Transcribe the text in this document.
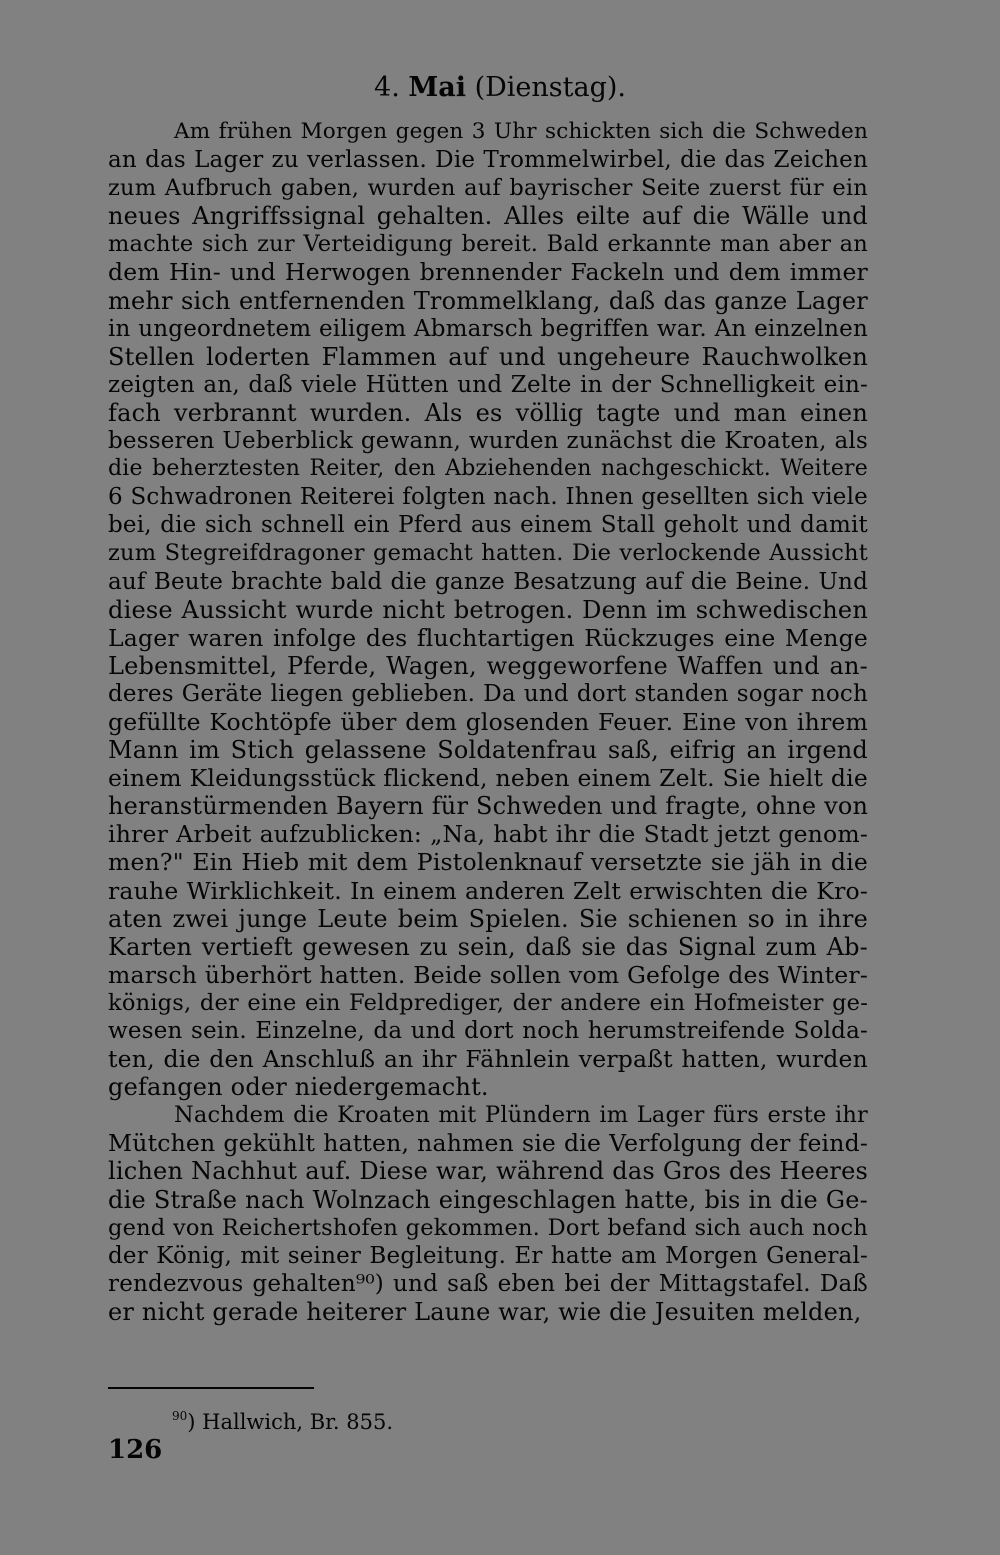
4. Mai (Dienstag).
Am frühen Morgen gegen 3 Uhr schickten sich die Schweden
an das Lager zu verlassen. Die Trommelwirbel, die das Zeichen
zum Aufbruch gaben, wurden auf bayrischer Seite zuerst für ein
neues Angriffssignal gehalten. Alles eilte auf die Wälle und
machte sich zur Verteidigung bereit. Bald erkannte man aber an
dem Hin- und Herwogen brennender Fackeln und dem immer
mehr sich entfernenden Trommelklang, daß das ganze Lager
in ungeordnetem eiligem Abmarsch begriffen war. An einzelnen
Stellen loderten Flammen auf und ungeheure Rauchwolken
zeigten an, daß viele Hütten und Zelte in der Schnelligkeit ein-
fach verbrannt wurden. Als es völlig tagte und man einen
besseren Ueberblick gewann, wurden zunächst die Kroaten, als
die beherztesten Reiter, den Abziehenden nachgeschickt. Weitere
6 Schwadronen Reiterei folgten nach. Ihnen gesellten sich viele
bei, die sich schnell ein Pferd aus einem Stall geholt und damit
zum Stegreifdragoner gemacht hatten. Die verlockende Aussicht
auf Beute brachte bald die ganze Besatzung auf die Beine. Und
diese Aussicht wurde nicht betrogen. Denn im schwedischen
Lager waren infolge des fluchtartigen Rückzuges eine Menge
Lebensmittel, Pferde, Wagen, weggeworfene Waffen und an-
deres Geräte liegen geblieben. Da und dort standen sogar noch
gefüllte Kochtöpfe über dem glosenden Feuer. Eine von ihrem
Mann im Stich gelassene Soldatenfrau saß, eifrig an irgend
einem Kleidungsstück flickend, neben einem Zelt. Sie hielt die
heranstürmenden Bayern für Schweden und fragte, ohne von
ihrer Arbeit aufzublicken: „Na, habt ihr die Stadt jetzt genom-
men?" Ein Hieb mit dem Pistolenknauf versetzte sie jäh in die
rauhe Wirklichkeit. In einem anderen Zelt erwischten die Kro-
aten zwei junge Leute beim Spielen. Sie schienen so in ihre
Karten vertieft gewesen zu sein, daß sie das Signal zum Ab-
marsch überhört hatten. Beide sollen vom Gefolge des Winter-
königs, der eine ein Feldprediger, der andere ein Hofmeister ge-
wesen sein. Einzelne, da und dort noch herumstreifende Solda-
ten, die den Anschluß an ihr Fähnlein verpaßt hatten, wurden
gefangen oder niedergemacht.
Nachdem die Kroaten mit Plündern im Lager fürs erste ihr
Mütchen gekühlt hatten, nahmen sie die Verfolgung der feind-
lichen Nachhut auf. Diese war, während das Gros des Heeres
die Straße nach Wolnzach eingeschlagen hatte, bis in die Ge-
gend von Reichertshofen gekommen. Dort befand sich auch noch
der König, mit seiner Begleitung. Er hatte am Morgen General-
rendezvous gehalten⁹⁰) und saß eben bei der Mittagstafel. Daß
er nicht gerade heiterer Laune war, wie die Jesuiten melden,
$^{90}$) Hallwich, Br. 855.
126
